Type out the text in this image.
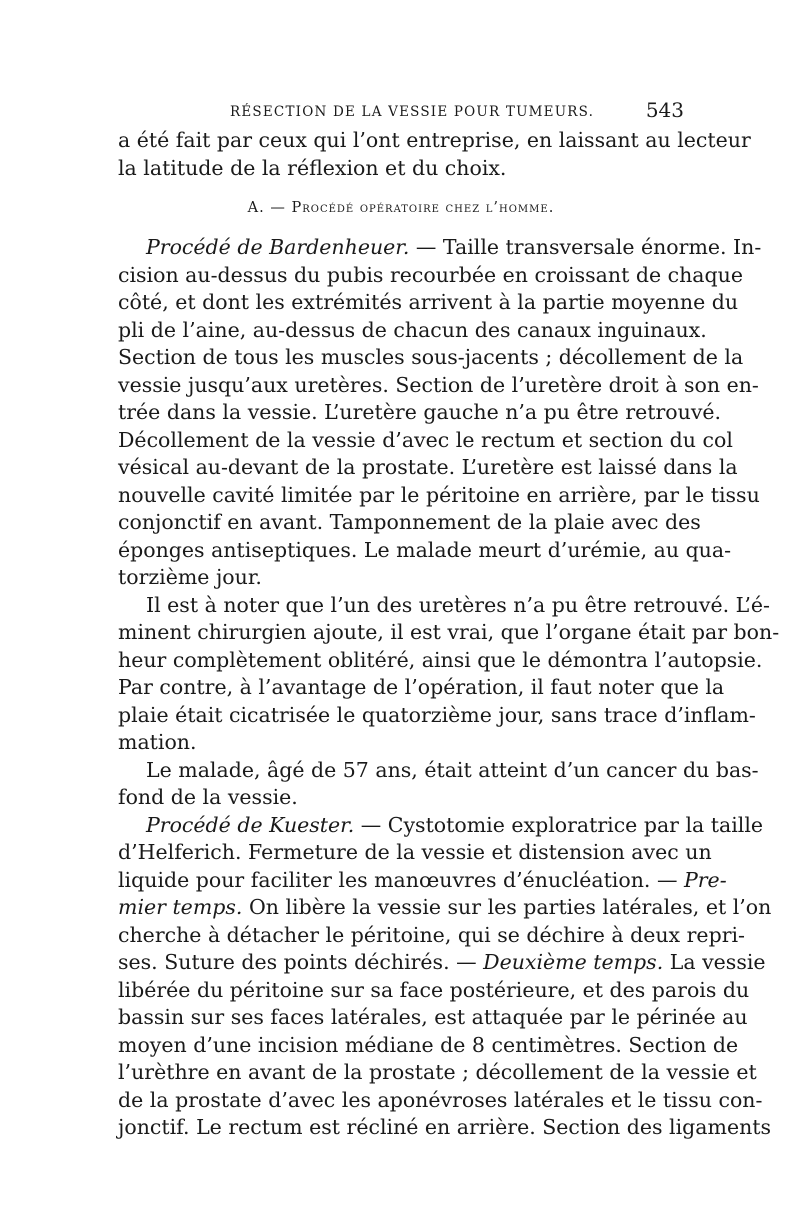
RÉSECTION DE LA VESSIE POUR TUMEURS.	543
a été fait par ceux qui l’ont entreprise, en laissant au lecteur
la latitude de la réflexion et du choix.
A. — Procédé opératoire chez l’homme.
Procédé de Bardenheuer. — Taille transversale énorme. In-
cision au-dessus du pubis recourbée en croissant de chaque
côté, et dont les extrémités arrivent à la partie moyenne du
pli de l’aine, au-dessus de chacun des canaux inguinaux.
Section de tous les muscles sous-jacents ; décollement de la
vessie jusqu’aux uretères. Section de l’uretère droit à son en-
trée dans la vessie. L’uretère gauche n’a pu être retrouvé.
Décollement de la vessie d’avec le rectum et section du col
vésical au-devant de la prostate. L’uretère est laissé dans la
nouvelle cavité limitée par le péritoine en arrière, par le tissu
conjonctif en avant. Tamponnement de la plaie avec des
éponges antiseptiques. Le malade meurt d’urémie, au qua-
torzième jour.
Il est à noter que l’un des uretères n’a pu être retrouvé. L’é-
minent chirurgien ajoute, il est vrai, que l’organe était par bon-
heur complètement oblitéré, ainsi que le démontra l’autopsie.
Par contre, à l’avantage de l’opération, il faut noter que la
plaie était cicatrisée le quatorzième jour, sans trace d’inflam-
mation.
Le malade, âgé de 57 ans, était atteint d’un cancer du bas-
fond de la vessie.
Procédé de Kuester. — Cystotomie exploratrice par la taille
d’Helferich. Fermeture de la vessie et distension avec un
liquide pour faciliter les manœuvres d’énucléation. — Pre-
mier temps. On libère la vessie sur les parties latérales, et l’on
cherche à détacher le péritoine, qui se déchire à deux repri-
ses. Suture des points déchirés. — Deuxième temps. La vessie
libérée du péritoine sur sa face postérieure, et des parois du
bassin sur ses faces latérales, est attaquée par le périnée au
moyen d’une incision médiane de 8 centimètres. Section de
l’urèthre en avant de la prostate ; décollement de la vessie et
de la prostate d’avec les aponévroses latérales et le tissu con-
jonctif. Le rectum est récliné en arrière. Section des ligaments
